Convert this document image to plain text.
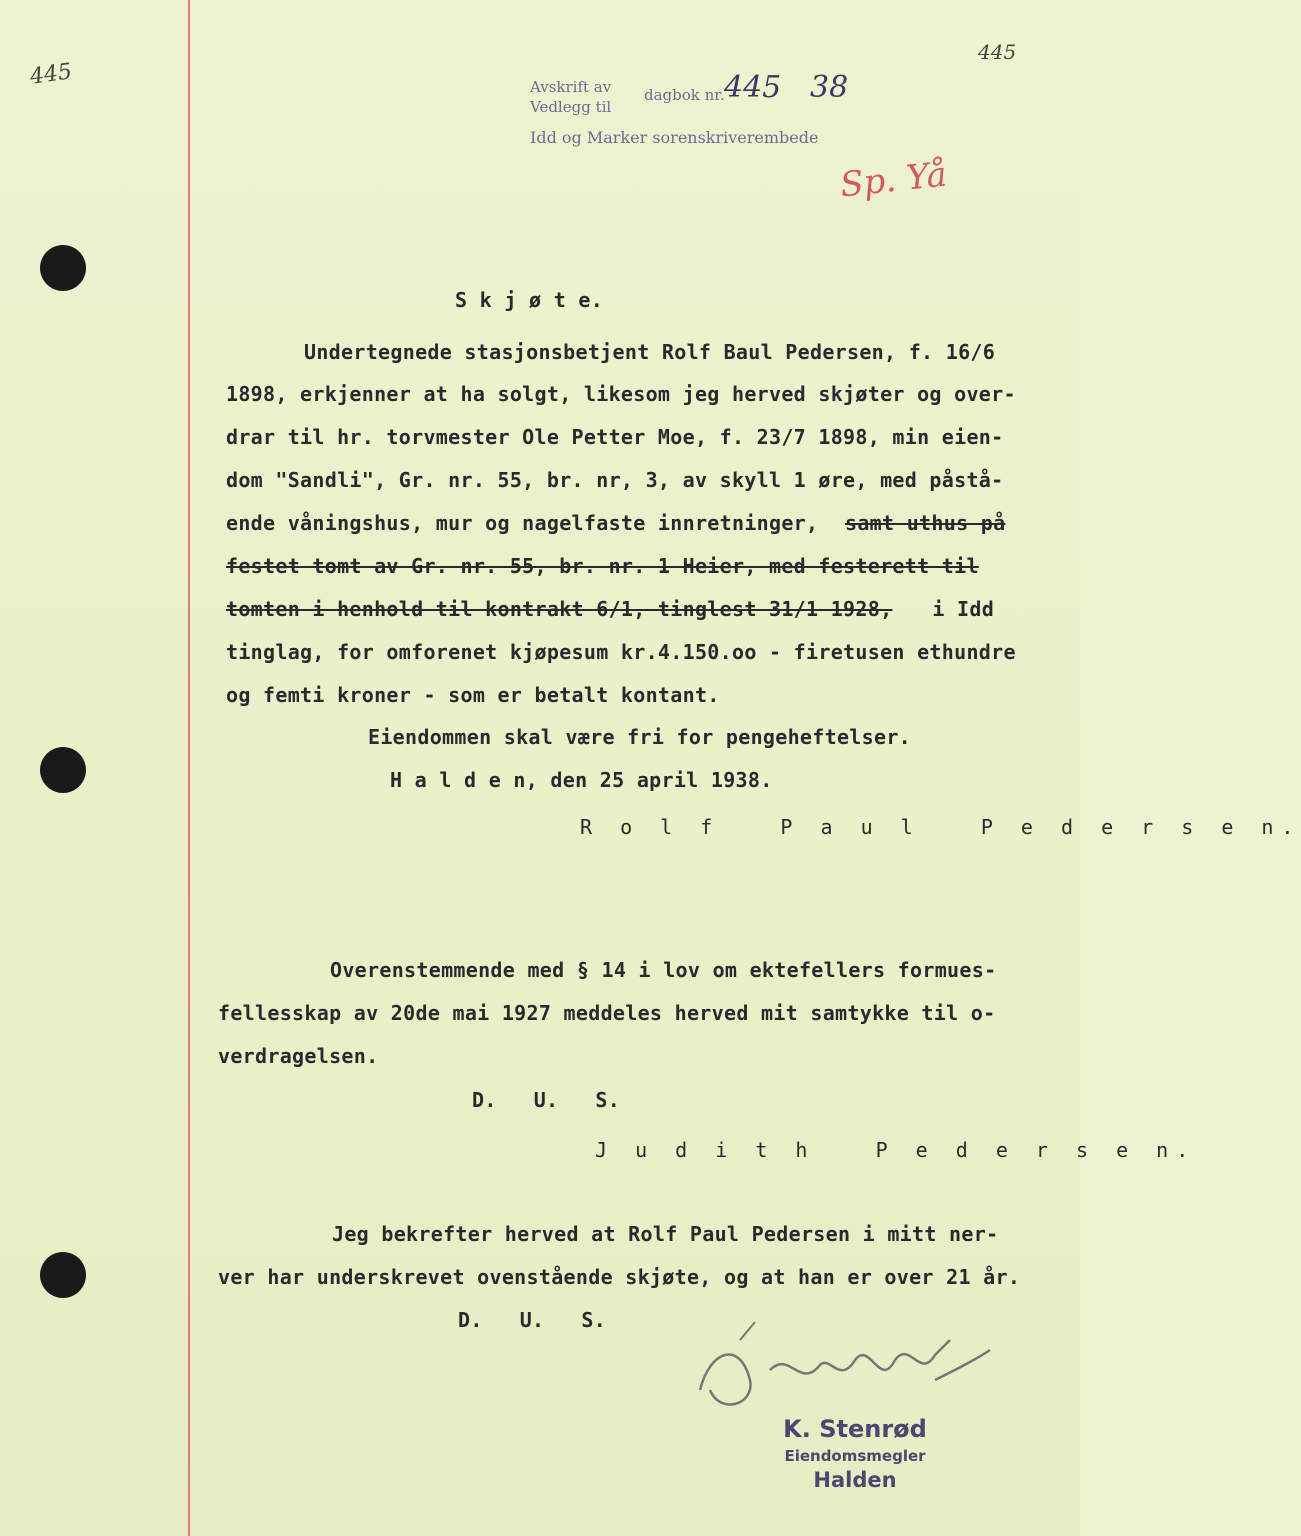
445
445
Sp. Yå
Avskrift av
Vedlegg til
dagbok nr. 445 38
Idd og Marker sorenskriverembede
S k j ø t e.
Undertegnede stasjonsbetjent Rolf Baul Pedersen, f. 16/6
1898, erkjenner at ha solgt, likesom jeg herved skjøter og over-
drar til hr. torvmester Ole Petter Moe, f. 23/7 1898, min eien-
dom "Sandli", Gr. nr. 55, br. nr, 3, av skyll 1 øre, med påstå-
ende våningshus, mur og nagelfaste innretninger, samt uthus på
festet tomt av Gr. nr. 55, br. nr. 1 Heier, med festerett til
tomten i henhold til kontrakt 6/1, tinglest 31/1 1928, i Idd
tinglag, for omforenet kjøpesum kr.4.150.oo - firetusen ethundre
og femti kroner - som er betalt kontant.
Eiendommen skal være fri for pengeheftelser.
H a l d e n, den 25 april 1938.
R o l f   P a u l   P e d e r s e n.
Overenstemmende med § 14 i lov om ektefellers formues-
fellesskap av 20de mai 1927 meddeles herved mit samtykke til o-
verdragelsen.
D.   U.   S.
J u d i t h   P e d e r s e n.
Jeg bekrefter herved at Rolf Paul Pedersen i mitt ner-
ver har underskrevet ovenstående skjøte, og at han er over 21 år.
D.   U.   S.
K. Stenrød
Eiendomsmegler
Halden
